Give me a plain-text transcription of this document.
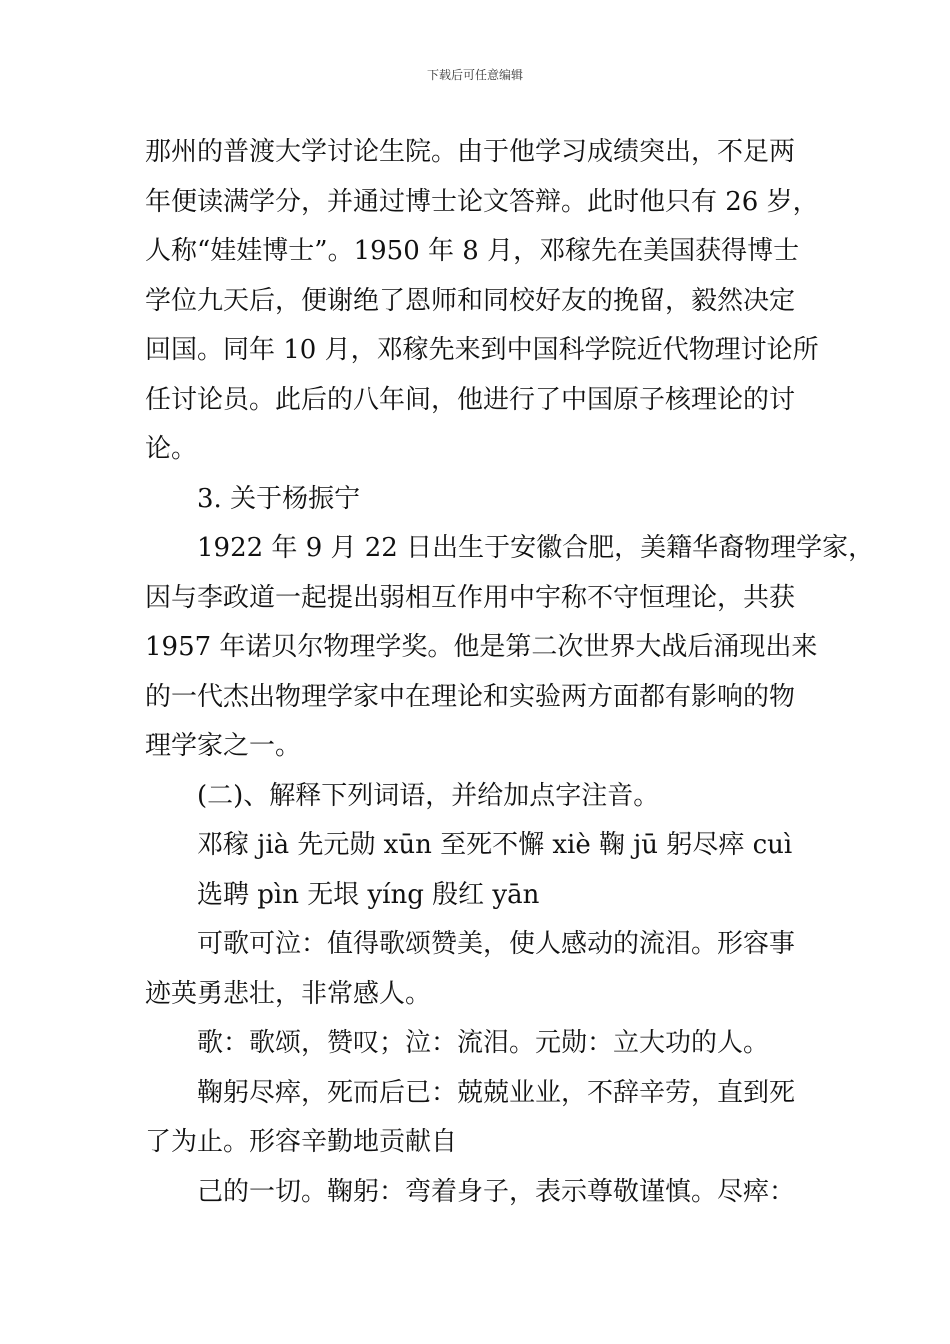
下载后可任意编辑
那州的普渡大学讨论生院。由于他学习成绩突出，不足两
年便读满学分，并通过博士论文答辩。此时他只有 26 岁，
人称“娃娃博士”。1950 年 8 月，邓稼先在美国获得博士
学位九天后，便谢绝了恩师和同校好友的挽留，毅然决定
回国。同年 10 月，邓稼先来到中国科学院近代物理讨论所
任讨论员。此后的八年间，他进行了中国原子核理论的讨
论。
3. 关于杨振宁
1922 年 9 月 22 日出生于安徽合肥，美籍华裔物理学家，
因与李政道一起提出弱相互作用中宇称不守恒理论，共获
1957 年诺贝尔物理学奖。他是第二次世界大战后涌现出来
的一代杰出物理学家中在理论和实验两方面都有影响的物
理学家之一。
(二)、解释下列词语，并给加点字注音。
邓稼 jià 先元勋 xūn 至死不懈 xiè 鞠 jū 躬尽瘁 cuì
选聘 pìn 无垠 yíng 殷红 yān
可歌可泣：值得歌颂赞美，使人感动的流泪。形容事
迹英勇悲壮，非常感人。
歌：歌颂，赞叹；泣：流泪。元勋：立大功的人。
鞠躬尽瘁，死而后已：兢兢业业，不辞辛劳，直到死
了为止。形容辛勤地贡献自
己的一切。鞠躬：弯着身子，表示尊敬谨慎。尽瘁：
